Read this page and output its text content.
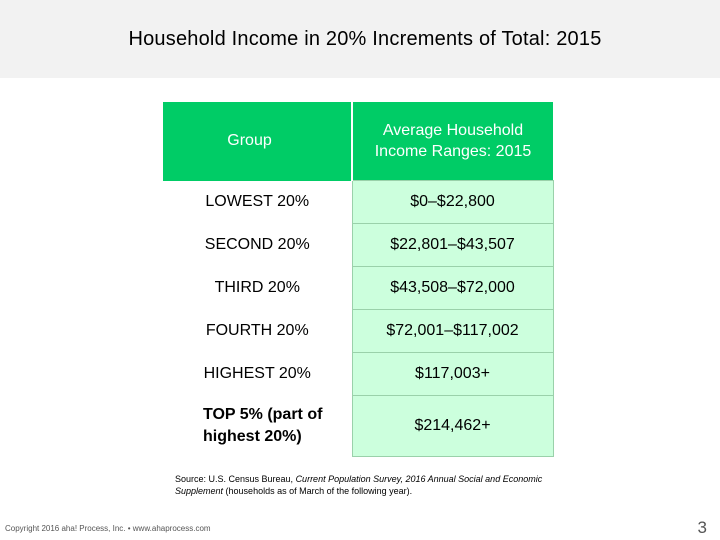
Household Income in 20% Increments of Total: 2015
Group	Average Household
Income Ranges: 2015
LOWEST 20%	$0–$22,800
SECOND 20%	$22,801–$43,507
THIRD 20%	$43,508–$72,000
FOURTH 20%	$72,001–$117,002
HIGHEST 20%	$117,003+
TOP 5% (part of
highest 20%)	$214,462+
Source: U.S. Census Bureau, Current Population Survey, 2016 Annual Social and Economic Supplement (households as of March of the following year).
Copyright 2016 aha! Process, Inc. • www.ahaprocess.com	3
